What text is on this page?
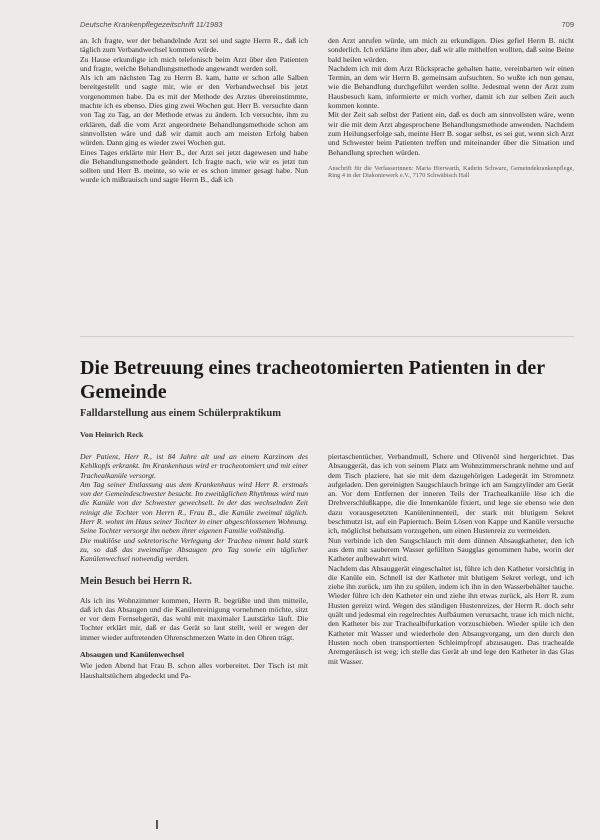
Deutsche Krankenpflegezeitschrift 11/1983	709

an. Ich fragte, wer der behandelnde Arzt sei und sagte Herrn R., daß ich täglich zum Verbandwechsel kommen würde.

Zu Hause erkundigte ich mich telefonisch beim Arzt über den Patienten und fragte, welche Behandlungsmethode angewandt werden soll.

Als ich am nächsten Tag zu Herrn B. kam, hatte er schon alle Salben bereitgestellt und sagte mir, wie er den Verbandwechsel bis jetzt vorgenommen habe. Da es mit der Methode des Arztes übereinstimmte, machte ich es ebenso. Dies ging zwei Wochen gut. Herr B. versuchte dann von Tag zu Tag, an der Methode etwas zu ändern. Ich versuchte, ihm zu erklären, daß die vom Arzt angeordnete Behandlungsmethode schon am sinnvollsten wäre und daß wir damit auch am meisten Erfolg haben würden. Dann ging es wieder zwei Wochen gut.

Eines Tages erklärte mir Herr B., der Arzt sei jetzt dagewesen und habe die Behandlungsmethode geändert. Ich fragte nach, wie wir es jetzt tun sollten und Herr B. meinte, so wie er es schon immer gesagt habe. Nun wurde ich mißtrauisch und sagte Herrn B., daß ich

den Arzt anrufen würde, um mich zu erkundigen. Dies gefiel Herrn B. nicht sonderlich. Ich erklärte ihm aber, daß wir alle mithelfen wollten, daß seine Beine bald heilen würden.

Nachdem ich mit dem Arzt Rücksprache gehalten hatte, vereinbarten wir einen Termin, an dem wir Herrn B. gemeinsam aufsuchten. So wußte ich nun genau, wie die Behandlung durchgeführt werden sollte. Jedesmal wenn der Arzt zum Hausbesuch kam, informierte er mich vorher, damit ich zur selben Zeit auch kommen konnte.

Mit der Zeit sah selbst der Patient ein, daß es doch am sinnvollsten wäre, wenn wir die mit dem Arzt abgesprochene Behandlungsmethode anwenden. Nachdem zum Heilungserfolge sah, meinte Herr B. sogar selbst, es sei gut, wenn sich Arzt und Schwester beim Patienten treffen und miteinander über die Situation und Behandlung sprechen würden.

Anschrift für die Verfasserinnen: Maria Hierwarth, Kathrin Schwarz, Gemeindekrankenpflege, Ring 4 in der Diakoniewerk e.V., 7170 Schwäbisch Hall

Die Betreuung eines tracheotomierten Patienten in der Gemeinde
Falldarstellung aus einem Schülerpraktikum
Von Heinrich Reck

Der Patient, Herr R., ist 84 Jahre alt und an einem Karzinom des Kehlkopfs erkrankt. Im Krankenhaus wird er tracheotomiert und mit einer Trachealkanüle versorgt.

Am Tag seiner Entlassung aus dem Krankenhaus wird Herr R. erstmals von der Gemeindeschwester besucht. Im zweitäglichen Rhythmus wird nun die Kanüle von der Schwester gewechselt. In der das wechselnden Zeit reinigt die Tochter von Herrn R., Frau B., die Kanüle zweimal täglich. Herr R. wohnt im Haus seiner Tochter in einer abgeschlossenen Wohnung. Seine Tochter versorgt ihn neben ihrer eigenen Familie vollständig.

Die mukilöse und sekretorische Verlegung der Trachea nimmt bald stark zu, so daß das zweimalige Absaugen pro Tag sowie ein täglicher Kanülenwechsel notwendig werden.

Mein Besuch bei Herrn R.

Als ich ins Wohnzimmer kommen, Herrn R. begrüßte und ihm mitteile, daß ich das Absaugen und die Kanülenreinigung vornehmen möchte, sitzt er vor dem Fernsehgerät, das wohl mit maximaler Lautstärke läuft. Die Tochter erklärt mir, daß er das Gerät so laut stellt, weil er wegen der immer wieder auftretenden Ohrenschmerzen Watte in den Ohren trägt.

Absaugen und Kanülenwechsel

Wie jeden Abend hat Frau B. schon alles vorbereitet. Der Tisch ist mit Haushaltstüchern abgedeckt und Pa-

piertaschentücher, Verbandmull, Schere und Olivenöl sind hergerichtet. Das Absauggerät, das ich von seinem Platz am Wohnzimmerschrank nehme und auf dem Tisch plaziere, hat sie mit dem dazugehörigen Ladegerät im Stromnetz aufgeladen. Den gereinigten Saugschlauch bringe ich am Saugzylinder am Gerät an. Vor dem Entfernen der inneren Teils der Trachealkanüle löse ich die Drehverschlußkappe, die die Innenkanüle fixiert, und lege sie ebenso wie den dazu vorausgesetzten Kanüleninnenteil, der stark mit blutigem Sekret beschmutzt ist, auf ein Papiertuch. Beim Lösen von Kappe und Kanüle versuche ich, möglichst behutsam vorzugehen, um einen Hustenreiz zu vermeiden.

Nun verbinde ich den Saugschlauch mit dem dünnen Absaugkatheter, den ich aus dem mit sauberem Wasser gefüllten Saugglas genommen habe, worin der Katheter aufbewahrt wird.

Nachdem das Absauggerät eingeschaltet ist, führe ich den Katheter vorsichtig in die Kanüle ein. Schnell ist der Katheter mit blutigem Sekret verlegt, und ich ziehe ihn zurück, um ihn zu spülen, indem ich ihn in den Wasserbehälter tauche. Wieder führe ich den Katheter ein und ziehe ihn etwas zurück, als Herr R. zum Husten gereizt wird. Wegen des ständigen Hustenreizes, der Herrn R. doch sehr quält und jedesmal ein regelrechtes Aufbäumen verursacht, traue ich mich nicht, den Katheter bis zur Trachealbifurkation vorzuschieben. Wieder spüle ich den Katheter mit Wasser und wiederhole den Absaugvorgang, um den durch den Husten noch oben transportierten Schleimpfropf abzusaugen. Das trachealde Aremgeräusch ist weg; ich stelle das Gerät ab und lege den Katheter in das Glas mit Wasser.
